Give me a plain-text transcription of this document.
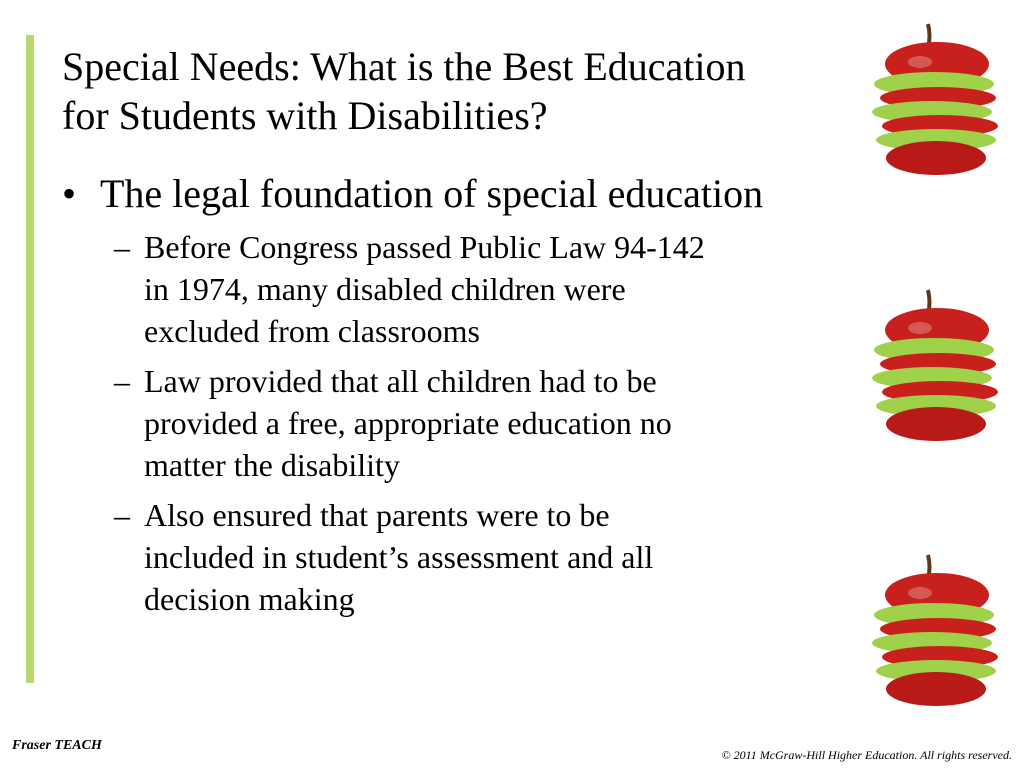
Special Needs: What is the Best Education
for Students with Disabilities?
• The legal foundation of special education
– Before Congress passed Public Law 94-142
in 1974, many disabled children were
excluded from classrooms
– Law provided that all children had to be
provided a free, appropriate education no
matter the disability
– Also ensured that parents were to be
included in student’s assessment and all
decision making
Fraser TEACH
© 2011 McGraw-Hill Higher Education. All rights reserved.
